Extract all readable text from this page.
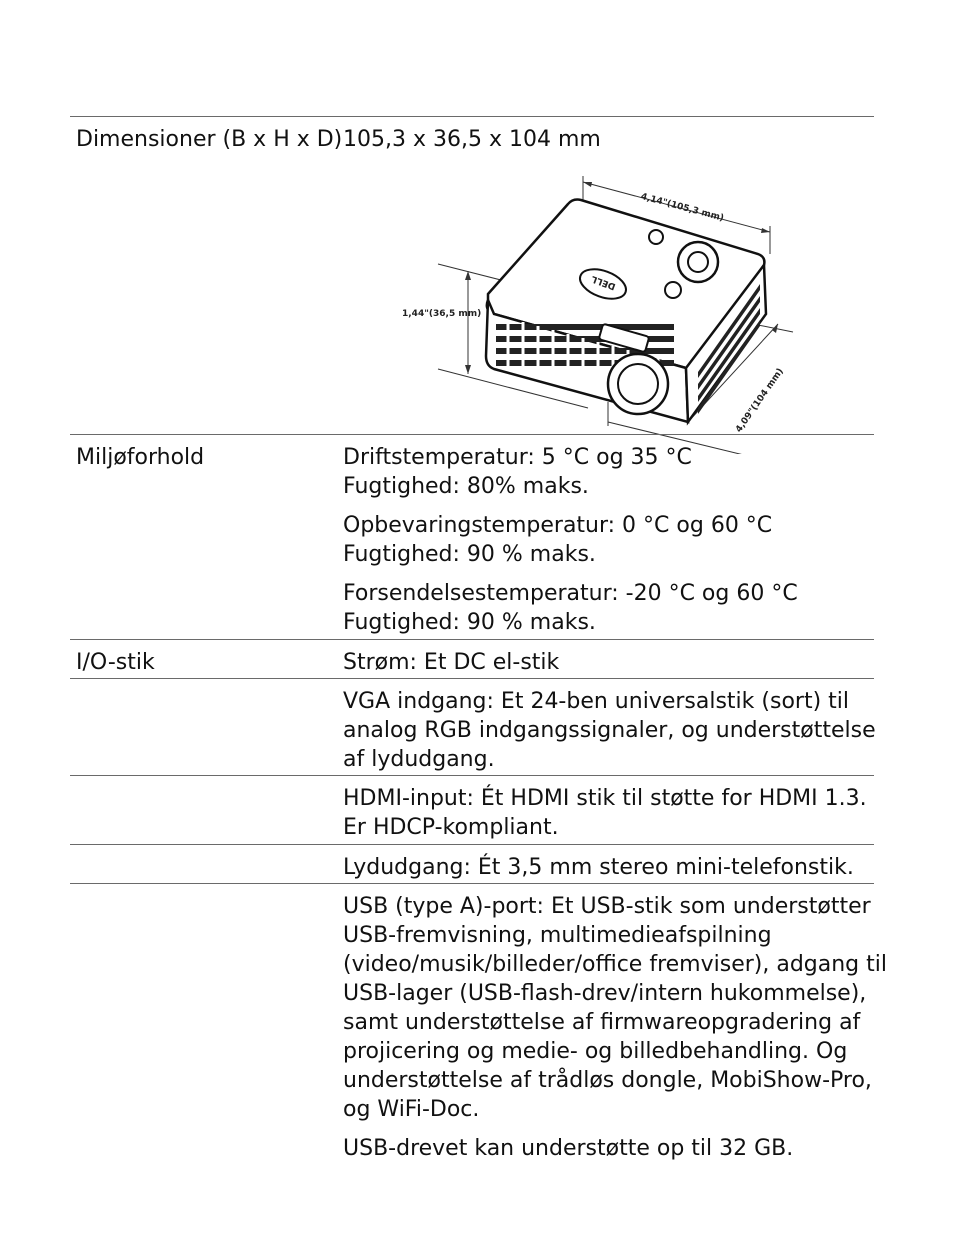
Dimensioner (B x H x D) 105,3 x 36,5 x 104 mm
DELL
4,14"(105,3 mm)
1,44"(36,5 mm)
4,09"(104 mm)
Miljøforhold	Driftstemperatur: 5 °C og 35 °C
Fugtighed: 80% maks.
Opbevaringstemperatur: 0 °C og 60 °C
Fugtighed: 90 % maks.
Forsendelsestemperatur: -20 °C og 60 °C
Fugtighed: 90 % maks.
I/O-stik	Strøm: Et DC el-stik
VGA indgang: Et 24-ben universalstik (sort) til
analog RGB indgangssignaler, og understøttelse
af lydudgang.
HDMI-input: Ét HDMI stik til støtte for HDMI 1.3.
Er HDCP-kompliant.
Lydudgang: Ét 3,5 mm stereo mini-telefonstik.
USB (type A)-port: Et USB-stik som understøtter
USB-fremvisning, multimedieafspilning
(video/musik/billeder/office fremviser), adgang til
USB-lager (USB-flash-drev/intern hukommelse),
samt understøttelse af firmwareopgradering af
projicering og medie- og billedbehandling. Og
understøttelse af trådløs dongle, MobiShow-Pro,
og WiFi-Doc.
USB-drevet kan understøtte op til 32 GB.
